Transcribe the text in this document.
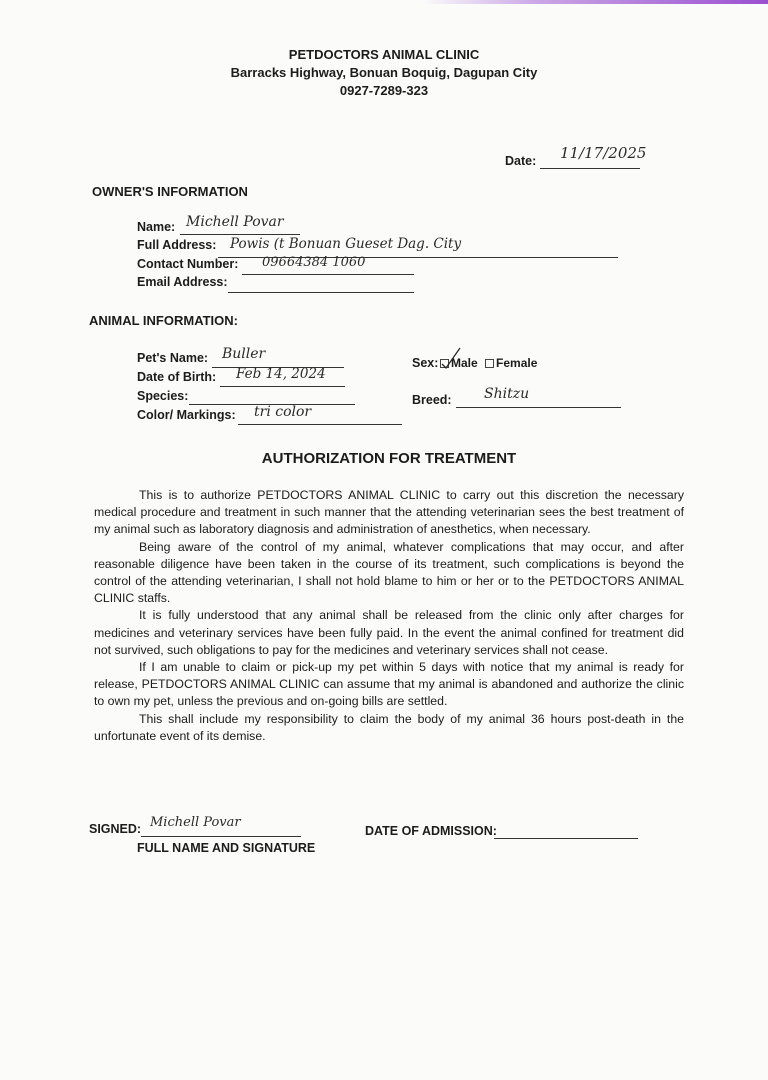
PETDOCTORS ANIMAL CLINIC
Barracks Highway, Bonuan Boquig, Dagupan City
0927-7289-323
Date: 11/17/2025
OWNER'S INFORMATION
Name: Michell Povar
Full Address: Powis (t Bonuan Gueset Dag. City
Contact Number: 09664384 1060
Email Address:
ANIMAL INFORMATION:
Pet's Name: Buller
Date of Birth: Feb 14, 2024
Species:
Color/ Markings: tri color
Sex:	Male Female
Breed: Shitzu
AUTHORIZATION FOR TREATMENT

This is to authorize PETDOCTORS ANIMAL CLINIC to carry out this discretion the necessary medical procedure and treatment in such manner that the attending veterinarian sees the best treatment of my animal such as laboratory diagnosis and administration of anesthetics, when necessary.

Being aware of the control of my animal, whatever complications that may occur, and after reasonable diligence have been taken in the course of its treatment, such complications is beyond the control of the attending veterinarian, I shall not hold blame to him or her or to the PETDOCTORS ANIMAL CLINIC staffs.

It is fully understood that any animal shall be released from the clinic only after charges for medicines and veterinary services have been fully paid. In the event the animal confined for treatment did not survived, such obligations to pay for the medicines and veterinary services shall not cease.

If I am unable to claim or pick-up my pet within 5 days with notice that my animal is ready for release, PETDOCTORS ANIMAL CLINIC can assume that my animal is abandoned and authorize the clinic to own my pet, unless the previous and on-going bills are settled.

This shall include my responsibility to claim the body of my animal 36 hours post-death in the unfortunate event of its demise.

SIGNED: Michell Povar
FULL NAME AND SIGNATURE
DATE OF ADMISSION:
